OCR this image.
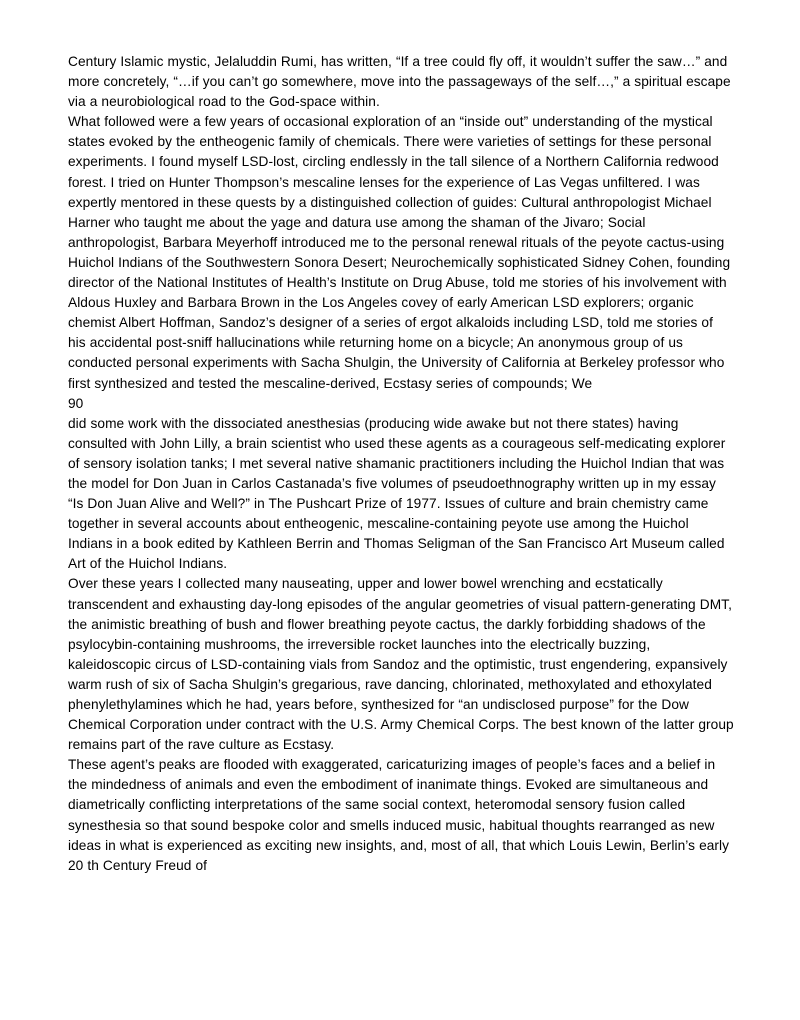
Century Islamic mystic, Jelaluddin Rumi, has written, “If a tree could fly off, it wouldn’t suffer the saw…” and more concretely, “…if you can’t go somewhere, move into the passageways of the self…,” a spiritual escape via a neurobiological road to the God-space within.

What followed were a few years of occasional exploration of an “inside out” understanding of the mystical states evoked by the entheogenic family of chemicals. There were varieties of settings for these personal experiments. I found myself LSD-lost, circling endlessly in the tall silence of a Northern California redwood forest. I tried on Hunter Thompson’s mescaline lenses for the experience of Las Vegas unfiltered. I was expertly mentored in these quests by a distinguished collection of guides: Cultural anthropologist Michael Harner who taught me about the yage and datura use among the shaman of the Jivaro; Social anthropologist, Barbara Meyerhoff introduced me to the personal renewal rituals of the peyote cactus-using Huichol Indians of the Southwestern Sonora Desert; Neurochemically sophisticated Sidney Cohen, founding director of the National Institutes of Health’s Institute on Drug Abuse, told me stories of his involvement with Aldous Huxley and Barbara Brown in the Los Angeles covey of early American LSD explorers; organic chemist Albert Hoffman, Sandoz’s designer of a series of ergot alkaloids including LSD, told me stories of his accidental post-sniff hallucinations while returning home on a bicycle; An anonymous group of us conducted personal experiments with Sacha Shulgin, the University of California at Berkeley professor who first synthesized and tested the mescaline-derived, Ecstasy series of compounds; We

90

did some work with the dissociated anesthesias (producing wide awake but not there states) having consulted with John Lilly, a brain scientist who used these agents as a courageous self-medicating explorer of sensory isolation tanks; I met several native shamanic practitioners including the Huichol Indian that was the model for Don Juan in Carlos Castanada’s five volumes of pseudoethnography written up in my essay “Is Don Juan Alive and Well?” in The Pushcart Prize of 1977. Issues of culture and brain chemistry came together in several accounts about entheogenic, mescaline-containing peyote use among the Huichol Indians in a book edited by Kathleen Berrin and Thomas Seligman of the San Francisco Art Museum called Art of the Huichol Indians.

Over these years I collected many nauseating, upper and lower bowel wrenching and ecstatically transcendent and exhausting day-long episodes of the angular geometries of visual pattern-generating DMT, the animistic breathing of bush and flower breathing peyote cactus, the darkly forbidding shadows of the psylocybin-containing mushrooms, the irreversible rocket launches into the electrically buzzing, kaleidoscopic circus of LSD-containing vials from Sandoz and the optimistic, trust engendering, expansively warm rush of six of Sacha Shulgin’s gregarious, rave dancing, chlorinated, methoxylated and ethoxylated phenylethylamines which he had, years before, synthesized for “an undisclosed purpose” for the Dow Chemical Corporation under contract with the U.S. Army Chemical Corps. The best known of the latter group remains part of the rave culture as Ecstasy.

These agent’s peaks are flooded with exaggerated, caricaturizing images of people’s faces and a belief in the mindedness of animals and even the embodiment of inanimate things. Evoked are simultaneous and diametrically conflicting interpretations of the same social context, heteromodal sensory fusion called synesthesia so that sound bespoke color and smells induced music, habitual thoughts rearranged as new ideas in what is experienced as exciting new insights, and, most of all, that which Louis Lewin, Berlin’s early 20 th Century Freud of
